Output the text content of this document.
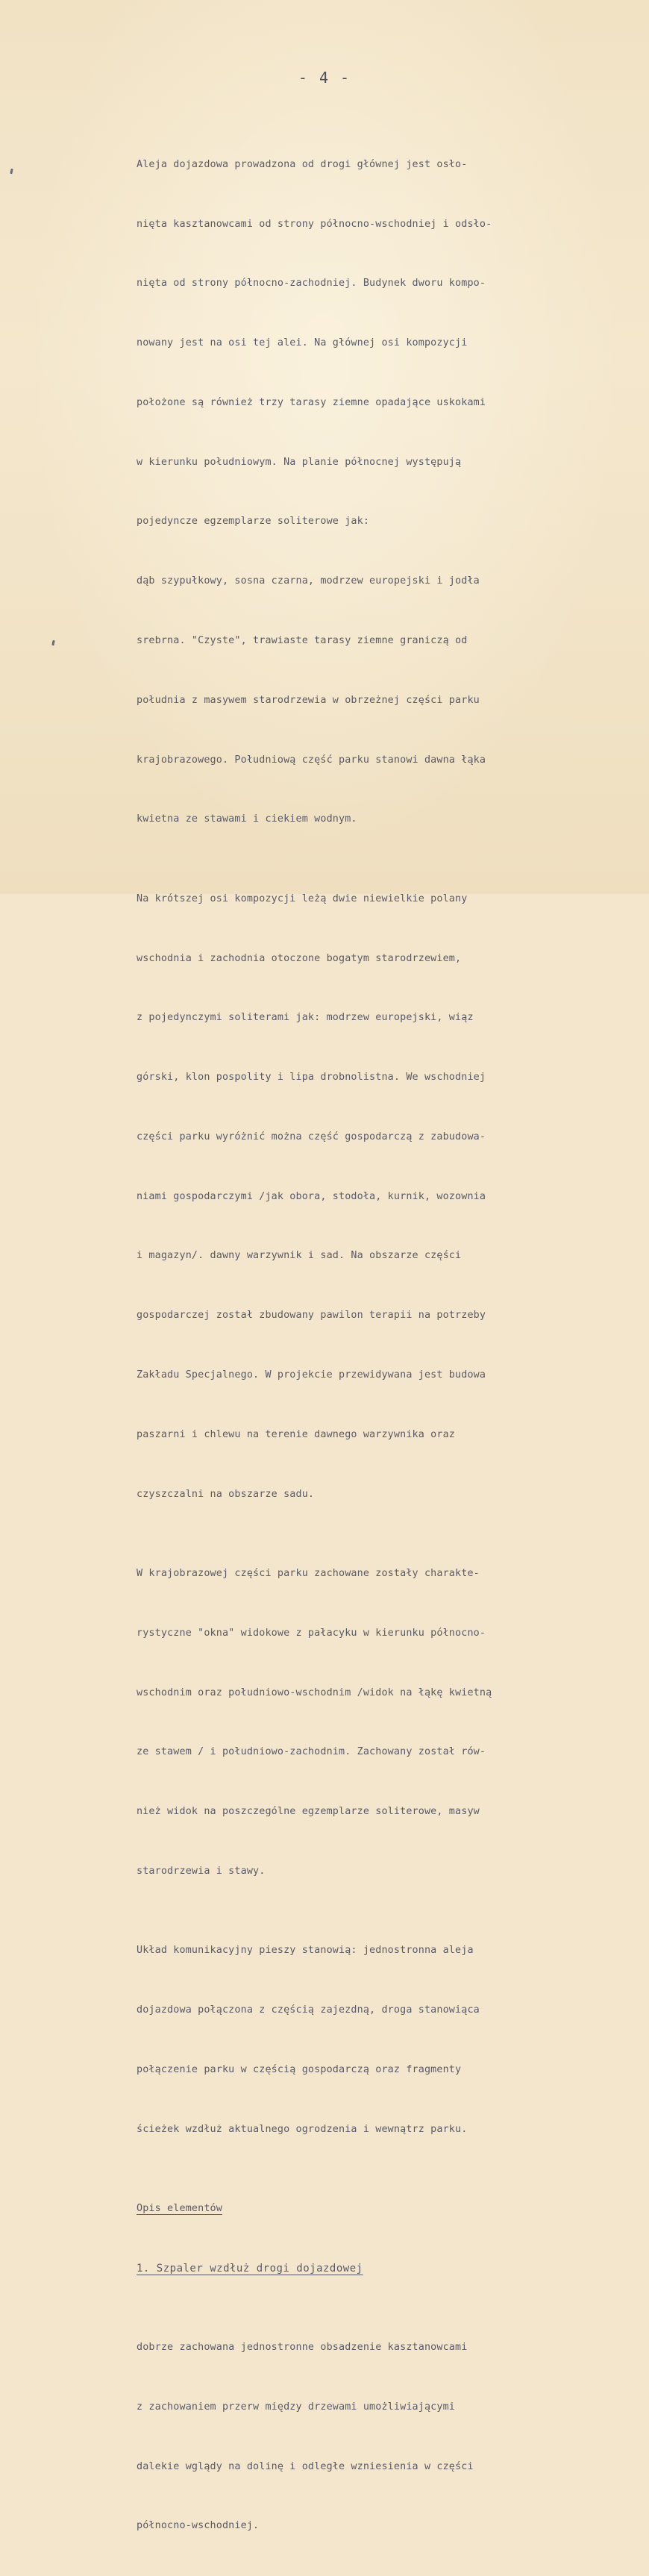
- 4 -

Aleja dojazdowa prowadzona od drogi głównej jest osło-

nięta kasztanowcami od strony północno-wschodniej i odsło-

nięta od strony północno-zachodniej. Budynek dworu kompo-

nowany jest na osi tej alei. Na głównej osi kompozycji

położone są również trzy tarasy ziemne opadające uskokami

w kierunku południowym. Na planie północnej występują

pojedyncze egzemplarze soliterowe jak:

dąb szypułkowy, sosna czarna, modrzew europejski i jodła

srebrna. "Czyste", trawiaste tarasy ziemne graniczą od

południa z masywem starodrzewia w obrzeżnej części parku

krajobrazowego. Południową część parku stanowi dawna łąka

kwietna ze stawami i ciekiem wodnym.

Na krótszej osi kompozycji leżą dwie niewielkie polany

wschodnia i zachodnia otoczone bogatym starodrzewiem,

z pojedynczymi soliterami jak: modrzew europejski, wiąz

górski, klon pospolity i lipa drobnolistna. We wschodniej

części parku wyróżnić można część gospodarczą z zabudowa-

niami gospodarczymi /jak obora, stodoła, kurnik, wozownia

i magazyn/. dawny warzywnik i sad. Na obszarze części

gospodarczej został zbudowany pawilon terapii na potrzeby

Zakładu Specjalnego. W projekcie przewidywana jest budowa

paszarni i chlewu na terenie dawnego warzywnika oraz

czyszczalni na obszarze sadu.

W krajobrazowej części parku zachowane zostały charakte-

rystyczne "okna" widokowe z pałacyku w kierunku północno-

wschodnim oraz południowo-wschodnim /widok na łąkę kwietną

ze stawem / i południowo-zachodnim. Zachowany został rów-

nież widok na poszczególne egzemplarze soliterowe, masyw

starodrzewia i stawy.

Układ komunikacyjny pieszy stanowią: jednostronna aleja

dojazdowa połączona z częścią zajezdną, droga stanowiąca

połączenie parku w częścią gospodarczą oraz fragmenty

ścieżek wzdłuż aktualnego ogrodzenia i wewnątrz parku.

Opis elementów

1. Szpaler wzdłuż drogi dojazdowej

dobrze zachowana jednostronne obsadzenie kasztanowcami

z zachowaniem przerw między drzewami umożliwiającymi

dalekie wglądy na dolinę i odległe wzniesienia w części

północno-wschodniej.
